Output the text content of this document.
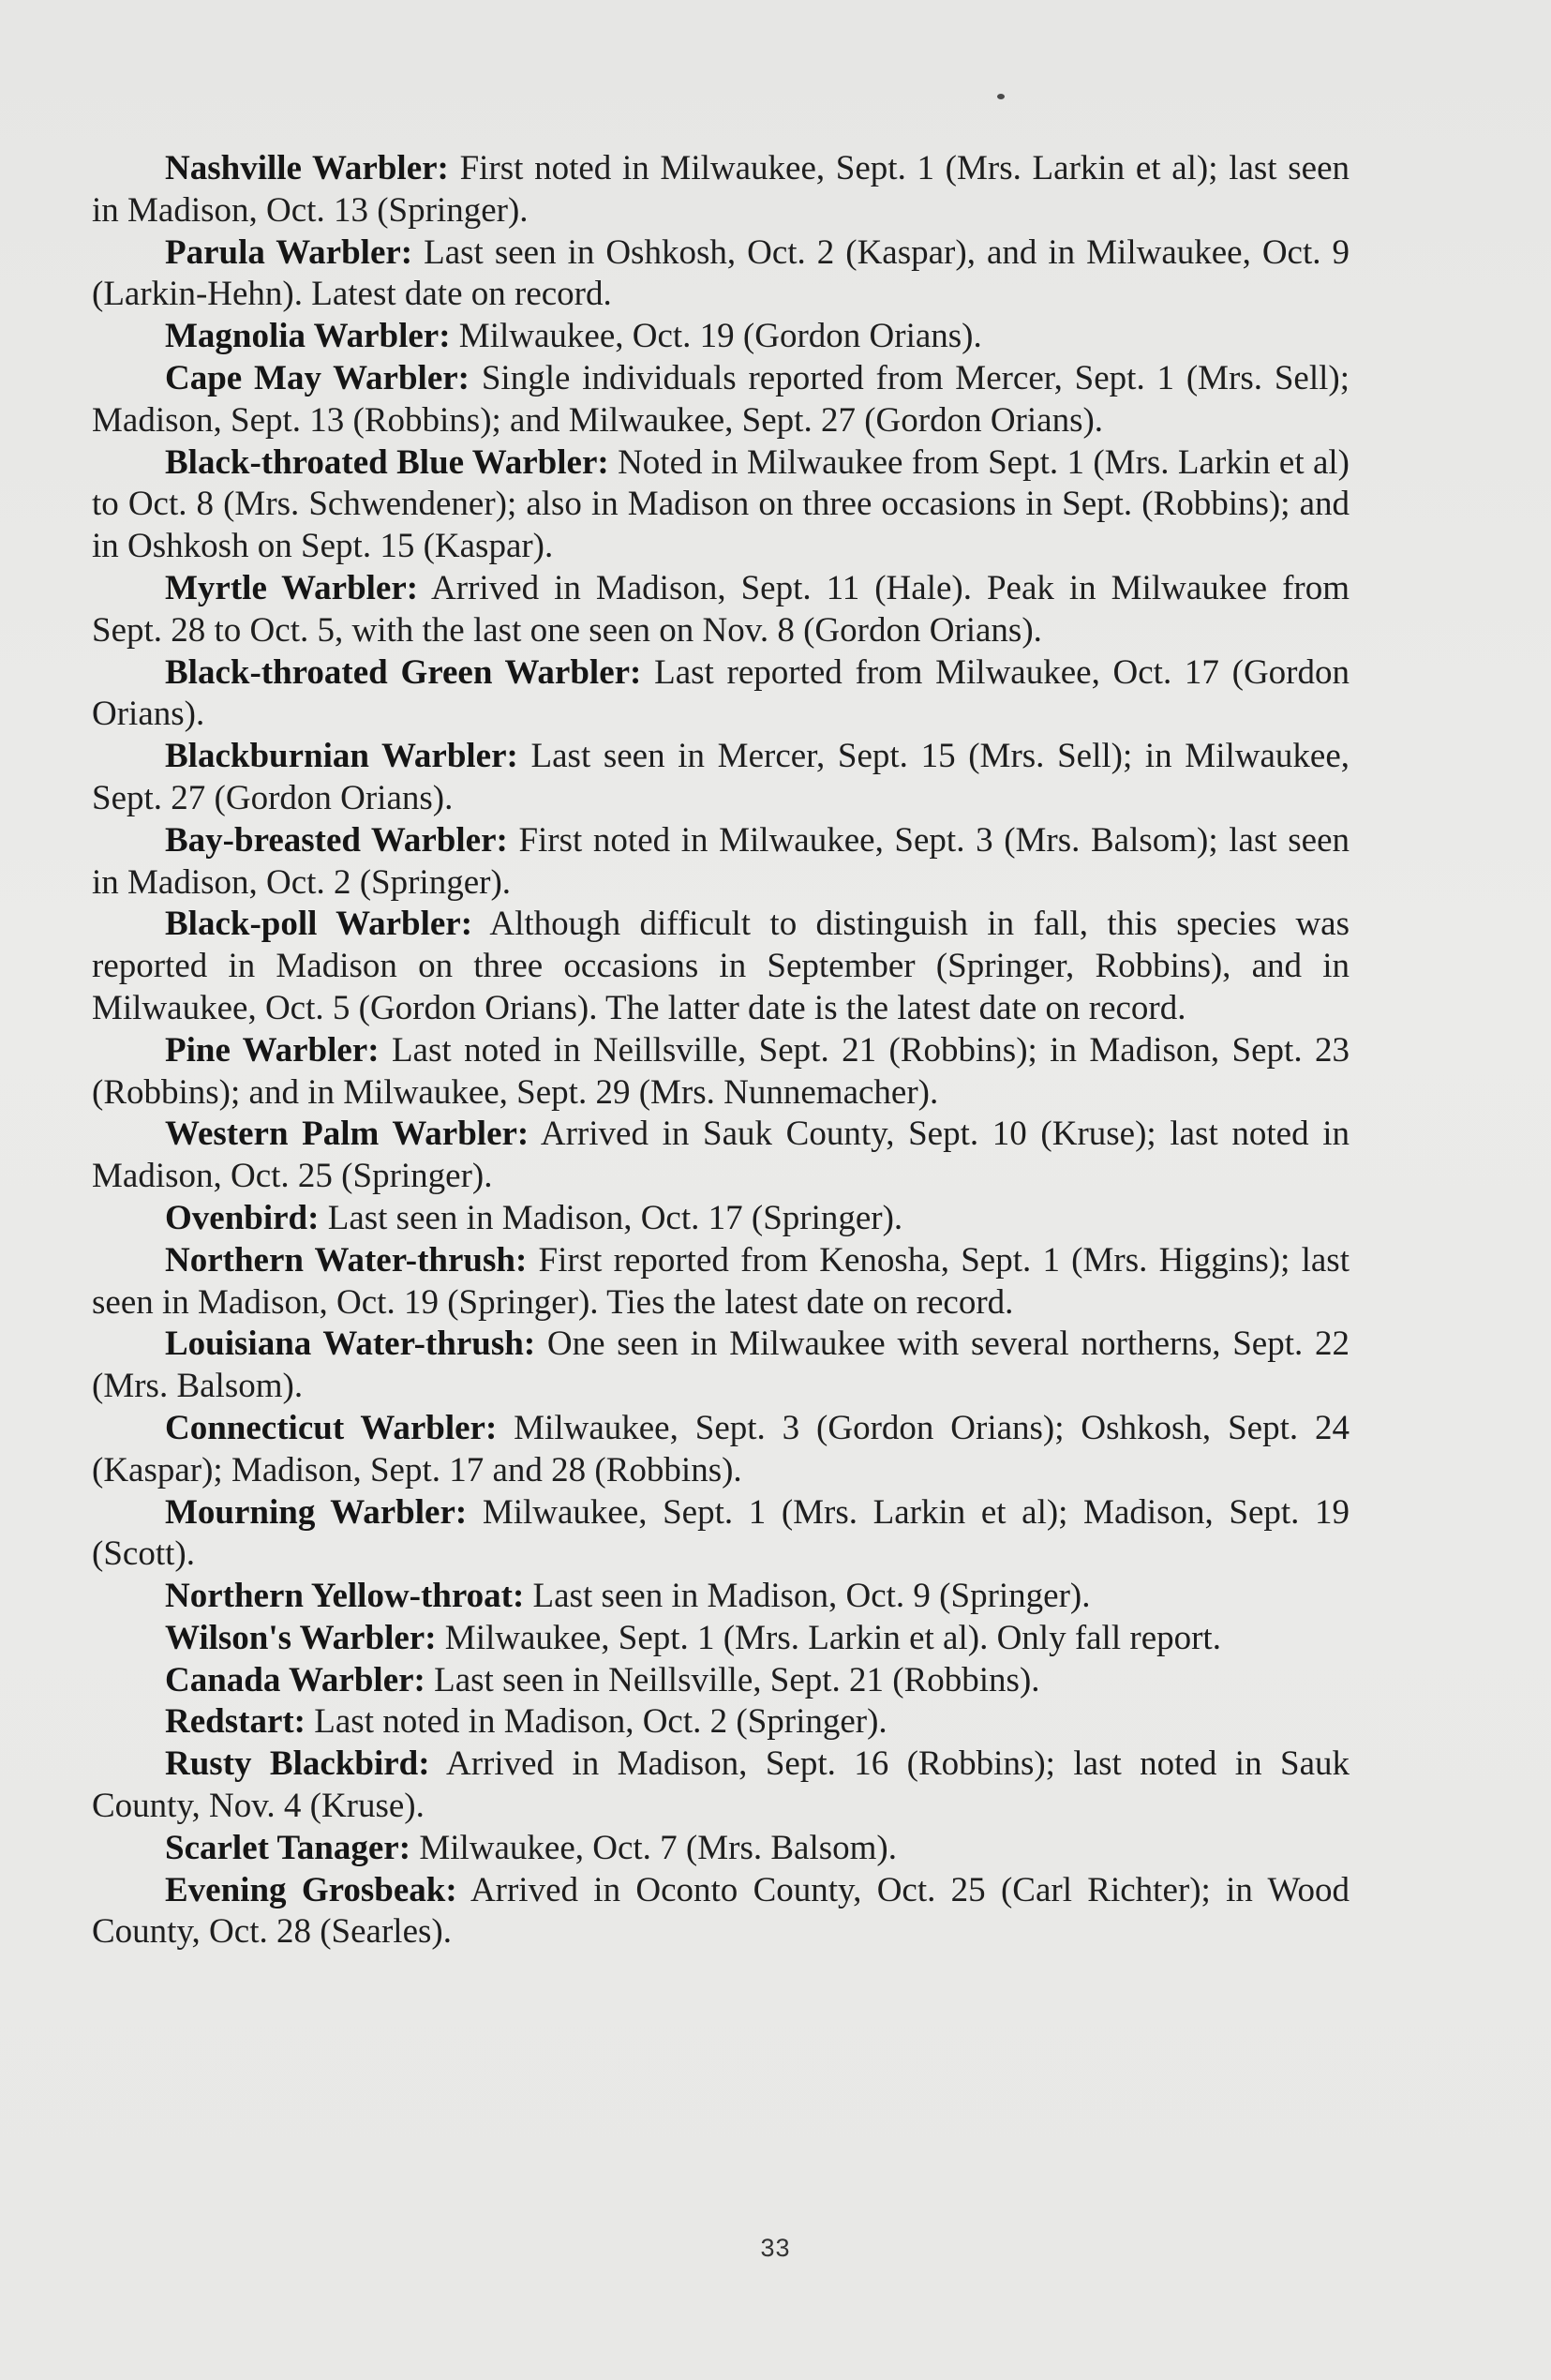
Nashville Warbler: First noted in Milwaukee, Sept. 1 (Mrs. Larkin et al); last seen in Madison, Oct. 13 (Springer).

Parula Warbler: Last seen in Oshkosh, Oct. 2 (Kaspar), and in Milwaukee, Oct. 9 (Larkin-Hehn). Latest date on record.

Magnolia Warbler: Milwaukee, Oct. 19 (Gordon Orians).

Cape May Warbler: Single individuals reported from Mercer, Sept. 1 (Mrs. Sell); Madison, Sept. 13 (Robbins); and Milwaukee, Sept. 27 (Gordon Orians).

Black-throated Blue Warbler: Noted in Milwaukee from Sept. 1 (Mrs. Larkin et al) to Oct. 8 (Mrs. Schwendener); also in Madison on three occasions in Sept. (Robbins); and in Oshkosh on Sept. 15 (Kaspar).

Myrtle Warbler: Arrived in Madison, Sept. 11 (Hale). Peak in Milwaukee from Sept. 28 to Oct. 5, with the last one seen on Nov. 8 (Gordon Orians).

Black-throated Green Warbler: Last reported from Milwaukee, Oct. 17 (Gordon Orians).

Blackburnian Warbler: Last seen in Mercer, Sept. 15 (Mrs. Sell); in Milwaukee, Sept. 27 (Gordon Orians).

Bay-breasted Warbler: First noted in Milwaukee, Sept. 3 (Mrs. Balsom); last seen in Madison, Oct. 2 (Springer).

Black-poll Warbler: Although difficult to distinguish in fall, this species was reported in Madison on three occasions in September (Springer, Robbins), and in Milwaukee, Oct. 5 (Gordon Orians). The latter date is the latest date on record.

Pine Warbler: Last noted in Neillsville, Sept. 21 (Robbins); in Madison, Sept. 23 (Robbins); and in Milwaukee, Sept. 29 (Mrs. Nunnemacher).

Western Palm Warbler: Arrived in Sauk County, Sept. 10 (Kruse); last noted in Madison, Oct. 25 (Springer).

Ovenbird: Last seen in Madison, Oct. 17 (Springer).

Northern Water-thrush: First reported from Kenosha, Sept. 1 (Mrs. Higgins); last seen in Madison, Oct. 19 (Springer). Ties the latest date on record.

Louisiana Water-thrush: One seen in Milwaukee with several northerns, Sept. 22 (Mrs. Balsom).

Connecticut Warbler: Milwaukee, Sept. 3 (Gordon Orians); Oshkosh, Sept. 24 (Kaspar); Madison, Sept. 17 and 28 (Robbins).

Mourning Warbler: Milwaukee, Sept. 1 (Mrs. Larkin et al); Madison, Sept. 19 (Scott).

Northern Yellow-throat: Last seen in Madison, Oct. 9 (Springer).

Wilson's Warbler: Milwaukee, Sept. 1 (Mrs. Larkin et al). Only fall report.

Canada Warbler: Last seen in Neillsville, Sept. 21 (Robbins).

Redstart: Last noted in Madison, Oct. 2 (Springer).

Rusty Blackbird: Arrived in Madison, Sept. 16 (Robbins); last noted in Sauk County, Nov. 4 (Kruse).

Scarlet Tanager: Milwaukee, Oct. 7 (Mrs. Balsom).

Evening Grosbeak: Arrived in Oconto County, Oct. 25 (Carl Richter); in Wood County, Oct. 28 (Searles).

33
